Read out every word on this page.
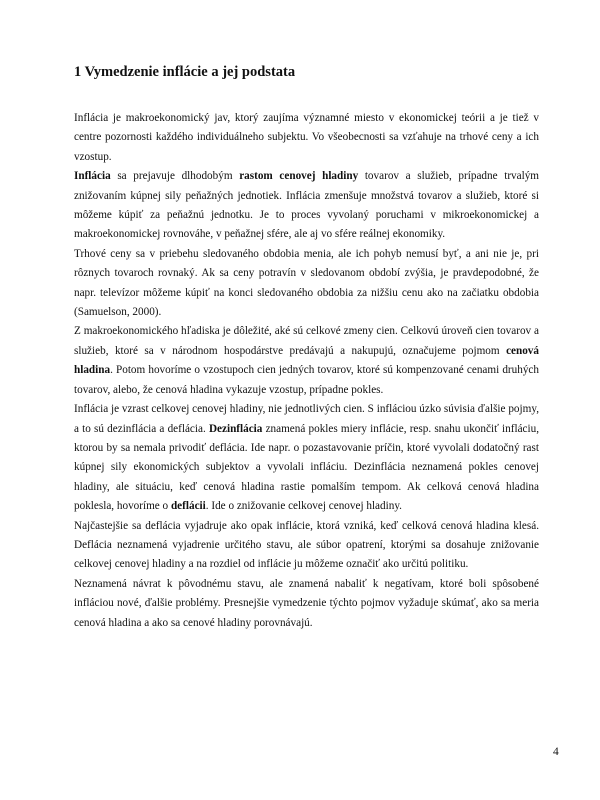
1 Vymedzenie inflácie a jej podstata

Inflácia je makroekonomický jav, ktorý zaujíma významné miesto v ekonomickej teórii a je tiež v centre pozornosti každého individuálneho subjektu. Vo všeobecnosti sa vzťahuje na trhové ceny a ich vzostup.

Inflácia sa prejavuje dlhodobým rastom cenovej hladiny tovarov a služieb, prípadne trvalým znižovaním kúpnej sily peňažných jednotiek. Inflácia zmenšuje množstvá tovarov a služieb, ktoré si môžeme kúpiť za peňažnú jednotku. Je to proces vyvolaný poruchami v mikroekonomickej a makroekonomickej rovnováhe, v peňažnej sfére, ale aj vo sfére reálnej ekonomiky.

Trhové ceny sa v priebehu sledovaného obdobia menia, ale ich pohyb nemusí byť, a ani nie je, pri rôznych tovaroch rovnaký. Ak sa ceny potravín v sledovanom období zvýšia, je pravdepodobné, že napr. televízor môžeme kúpiť na konci sledovaného obdobia za nižšiu cenu ako na začiatku obdobia (Samuelson, 2000).

Z makroekonomického hľadiska je dôležité, aké sú celkové zmeny cien. Celkovú úroveň cien tovarov a služieb, ktoré sa v národnom hospodárstve predávajú a nakupujú, označujeme pojmom cenová hladina. Potom hovoríme o vzostupoch cien jedných tovarov, ktoré sú kompenzované cenami druhých tovarov, alebo, že cenová hladina vykazuje vzostup, prípadne pokles.

Inflácia je vzrast celkovej cenovej hladiny, nie jednotlivých cien. S infláciou úzko súvisia ďalšie pojmy, a to sú dezinflácia a deflácia. Dezinflácia znamená pokles miery inflácie, resp. snahu ukončiť infláciu, ktorou by sa nemala privodiť deflácia. Ide napr. o pozastavovanie príčin, ktoré vyvolali dodatočný rast kúpnej sily ekonomických subjektov a vyvolali infláciu. Dezinflácia neznamená pokles cenovej hladiny, ale situáciu, keď cenová hladina rastie pomalším tempom. Ak celková cenová hladina poklesla, hovoríme o deflácii. Ide o znižovanie celkovej cenovej hladiny.

Najčastejšie sa deflácia vyjadruje ako opak inflácie, ktorá vzniká, keď celková cenová hladina klesá. Deflácia neznamená vyjadrenie určitého stavu, ale súbor opatrení, ktorými sa dosahuje znižovanie celkovej cenovej hladiny a na rozdiel od inflácie ju môžeme označiť ako určitú politiku.

Neznamená návrat k pôvodnému stavu, ale znamená nabaliť k negatívam, ktoré boli spôsobené infláciou nové, ďalšie problémy. Presnejšie vymedzenie týchto pojmov vyžaduje skúmať, ako sa meria cenová hladina a ako sa cenové hladiny porovnávajú.

4
